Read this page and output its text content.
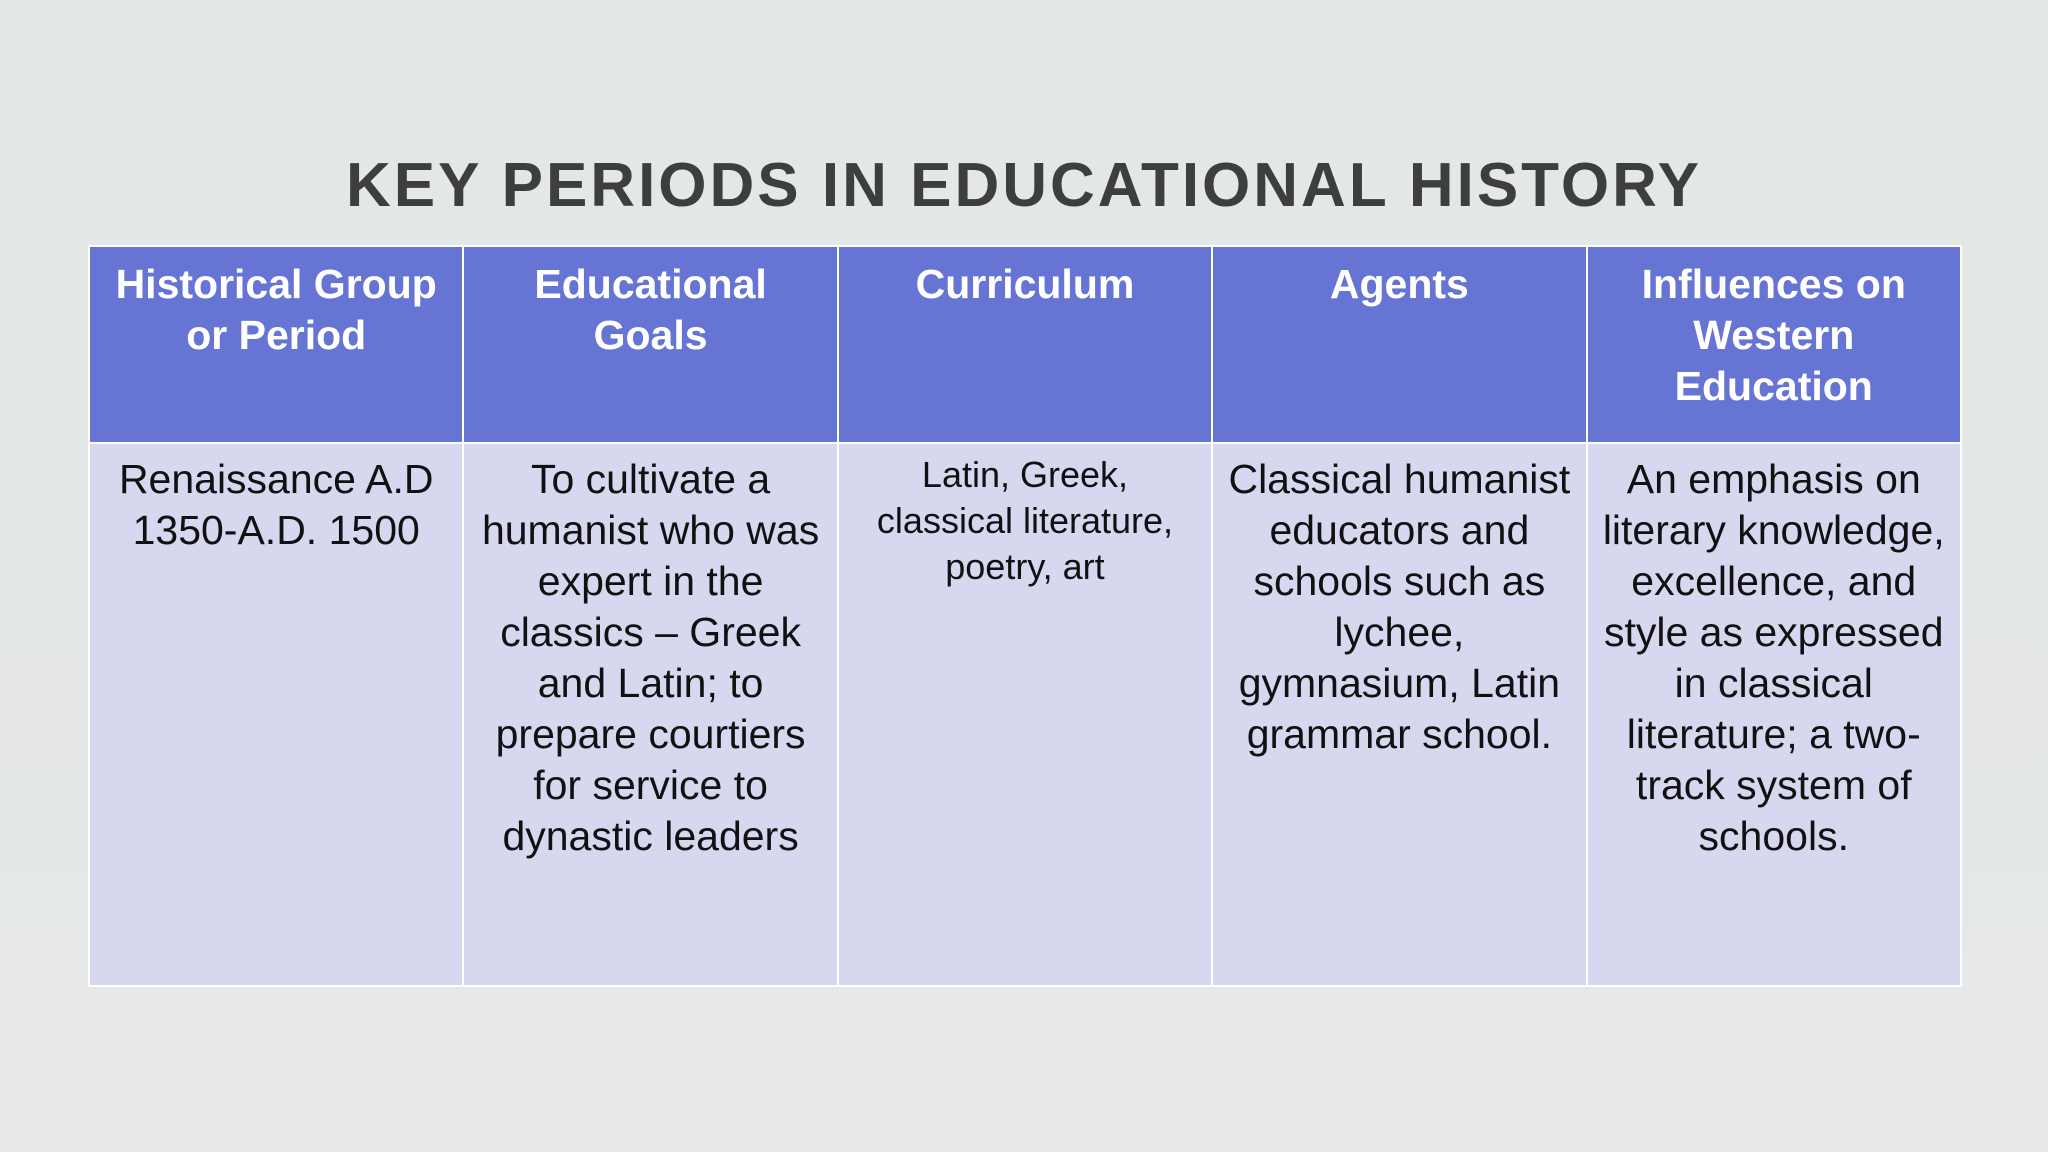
KEY PERIODS IN EDUCATIONAL HISTORY
Historical Group or Period	Educational Goals	Curriculum	Agents	Influences on Western Education
Renaissance A.D 1350-A.D. 1500	To cultivate a humanist who was expert in the classics – Greek and Latin; to prepare courtiers for service to dynastic leaders	Latin, Greek, classical literature, poetry, art	Classical humanist educators and schools such as lychee, gymnasium, Latin grammar school.	An emphasis on literary knowledge, excellence, and style as expressed in classical literature; a two-track system of schools.
